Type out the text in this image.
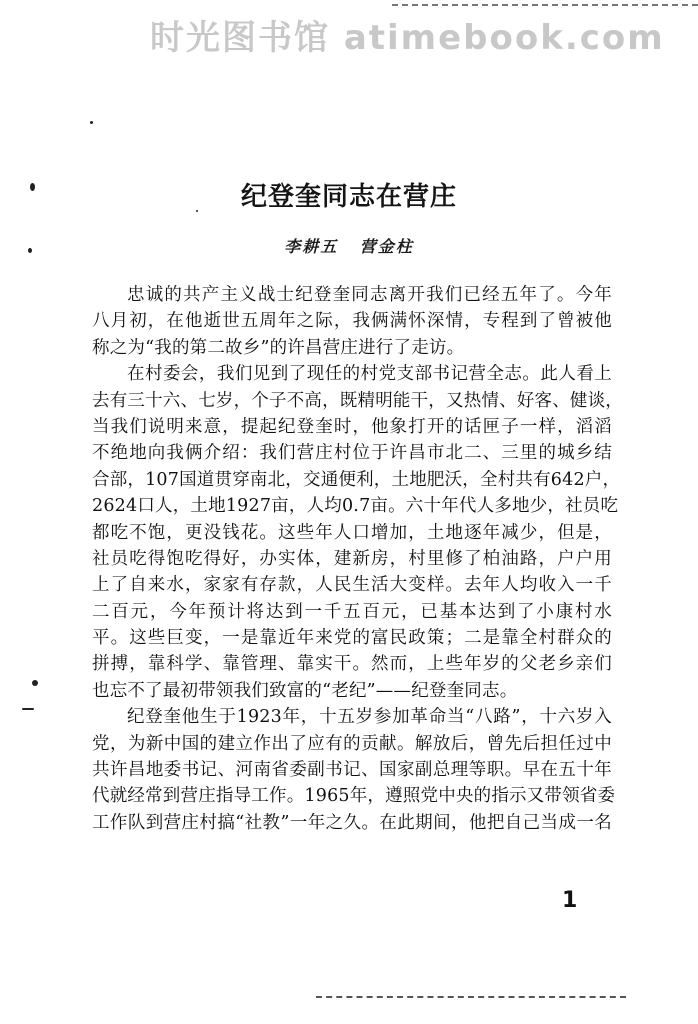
时光图书馆 atimebook.com
纪登奎同志在营庄
李耕五 营金柱
忠诚的共产主义战士纪登奎同志离开我们已经五年了。今年
八月初，在他逝世五周年之际，我俩满怀深情，专程到了曾被他
称之为“我的第二故乡”的许昌营庄进行了走访。
在村委会，我们见到了现任的村党支部书记营全志。此人看上
去有三十六、七岁，个子不高，既精明能干，又热情、好客、健谈，
当我们说明来意，提起纪登奎时，他象打开的话匣子一样，滔滔
不绝地向我俩介绍：我们营庄村位于许昌市北二、三里的城乡结
合部，107国道贯穿南北，交通便利，土地肥沃，全村共有642户，
2624口人，土地1927亩，人均0.7亩。六十年代人多地少，社员吃
都吃不饱，更没钱花。这些年人口增加，土地逐年减少，但是，
社员吃得饱吃得好，办实体，建新房，村里修了柏油路，户户用
上了自来水，家家有存款，人民生活大变样。去年人均收入一千
二百元，今年预计将达到一千五百元，已基本达到了小康村水
平。这些巨变，一是靠近年来党的富民政策；二是靠全村群众的
拼搏，靠科学、靠管理、靠实干。然而，上些年岁的父老乡亲们
也忘不了最初带领我们致富的“老纪”——纪登奎同志。
纪登奎他生于1923年，十五岁参加革命当“八路”，十六岁入
党，为新中国的建立作出了应有的贡献。解放后，曾先后担任过中
共许昌地委书记、河南省委副书记、国家副总理等职。早在五十年
代就经常到营庄指导工作。1965年，遵照党中央的指示又带领省委
工作队到营庄村搞“社教”一年之久。在此期间，他把自己当成一名
1
